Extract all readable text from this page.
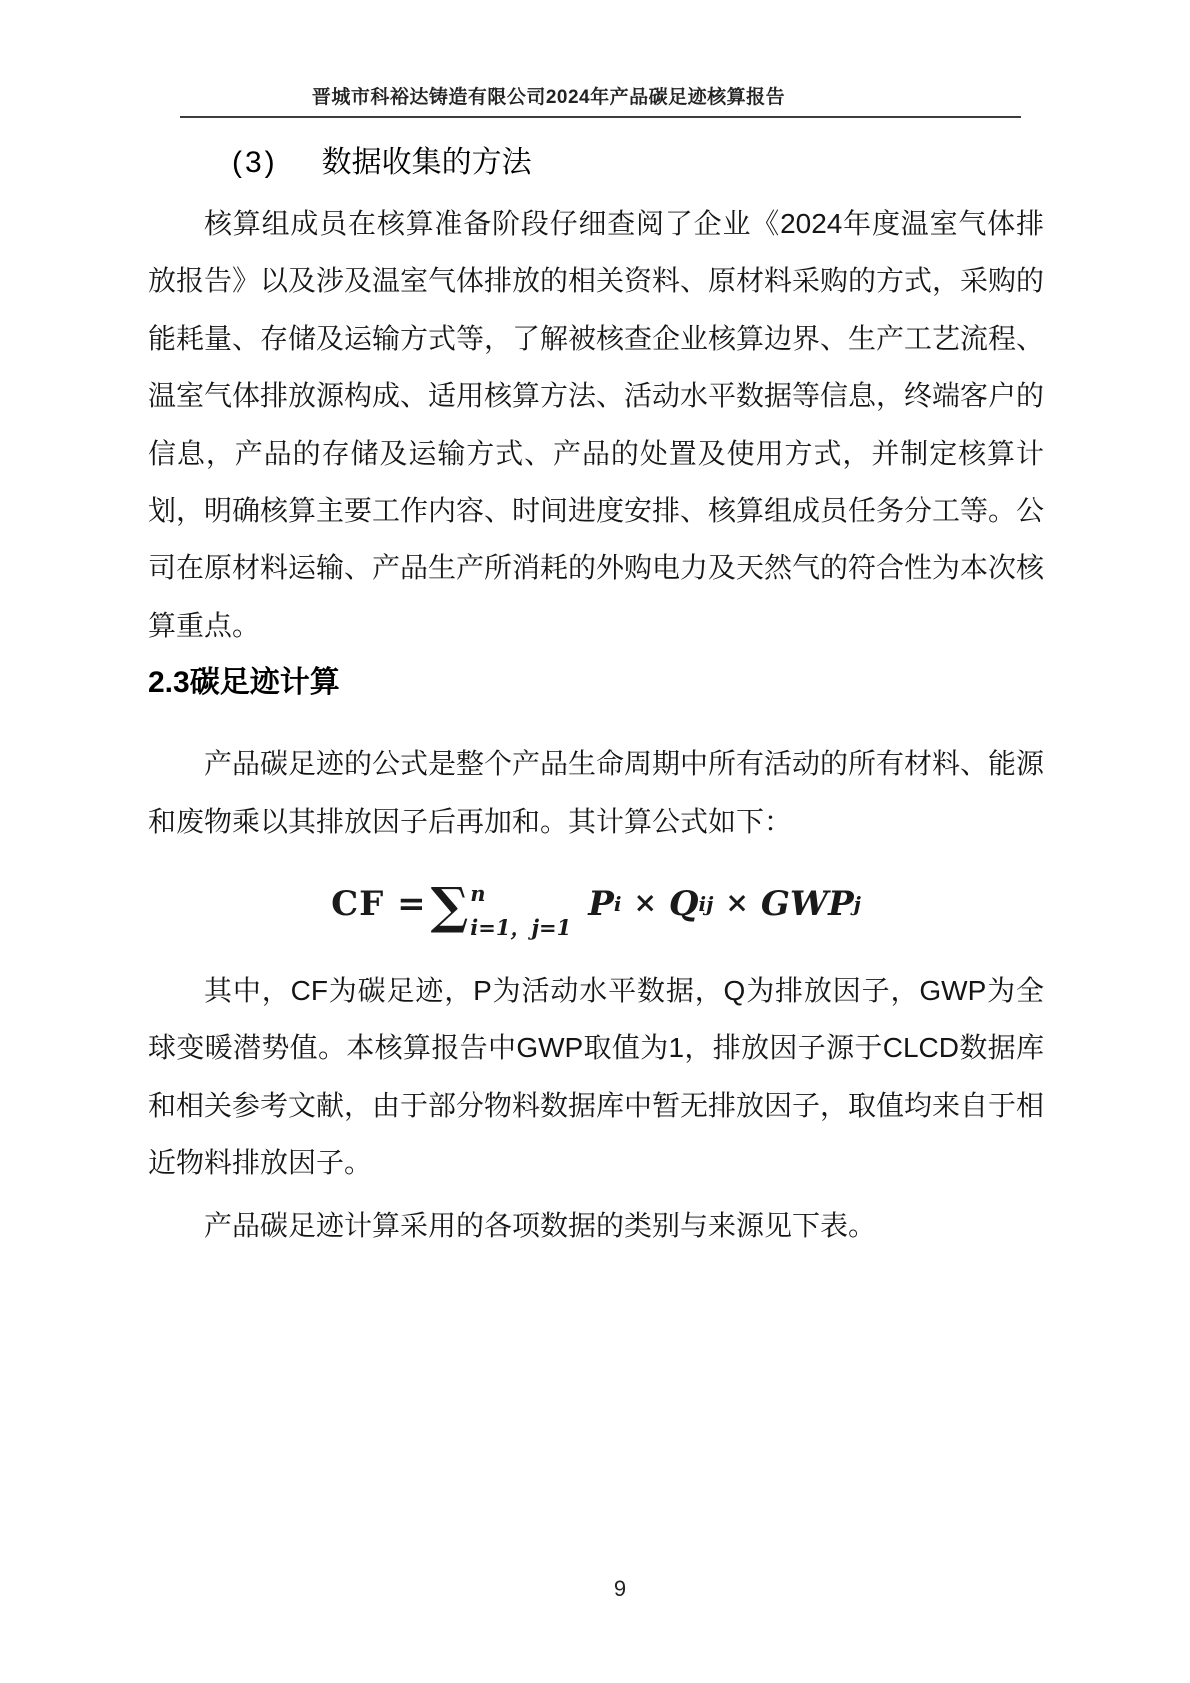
晋城市科裕达铸造有限公司2024年产品碳足迹核算报告
(3) 数据收集的方法

核算组成员在核算准备阶段仔细查阅了企业《2024年度温室气体排放报告》以及涉及温室气体排放的相关资料、原材料采购的方式，采购的能耗量、存储及运输方式等，了解被核查企业核算边界、生产工艺流程、温室气体排放源构成、适用核算方法、活动水平数据等信息，终端客户的信息，产品的存储及运输方式、产品的处置及使用方式，并制定核算计划，明确核算主要工作内容、时间进度安排、核算组成员任务分工等。公司在原材料运输、产品生产所消耗的外购电力及天然气的符合性为本次核算重点。

2.3碳足迹计算

产品碳足迹的公式是整个产品生命周期中所有活动的所有材料、能源和废物乘以其排放因子后再加和。其计算公式如下：

CF = ∑ n
i=1，j=1
P i × Q ij × GWP j

其中，CF为碳足迹，P为活动水平数据，Q为排放因子，GWP为全球变暖潜势值。本核算报告中GWP取值为1，排放因子源于CLCD数据库和相关参考文献，由于部分物料数据库中暂无排放因子，取值均来自于相近物料排放因子。

产品碳足迹计算采用的各项数据的类别与来源见下表。

9
